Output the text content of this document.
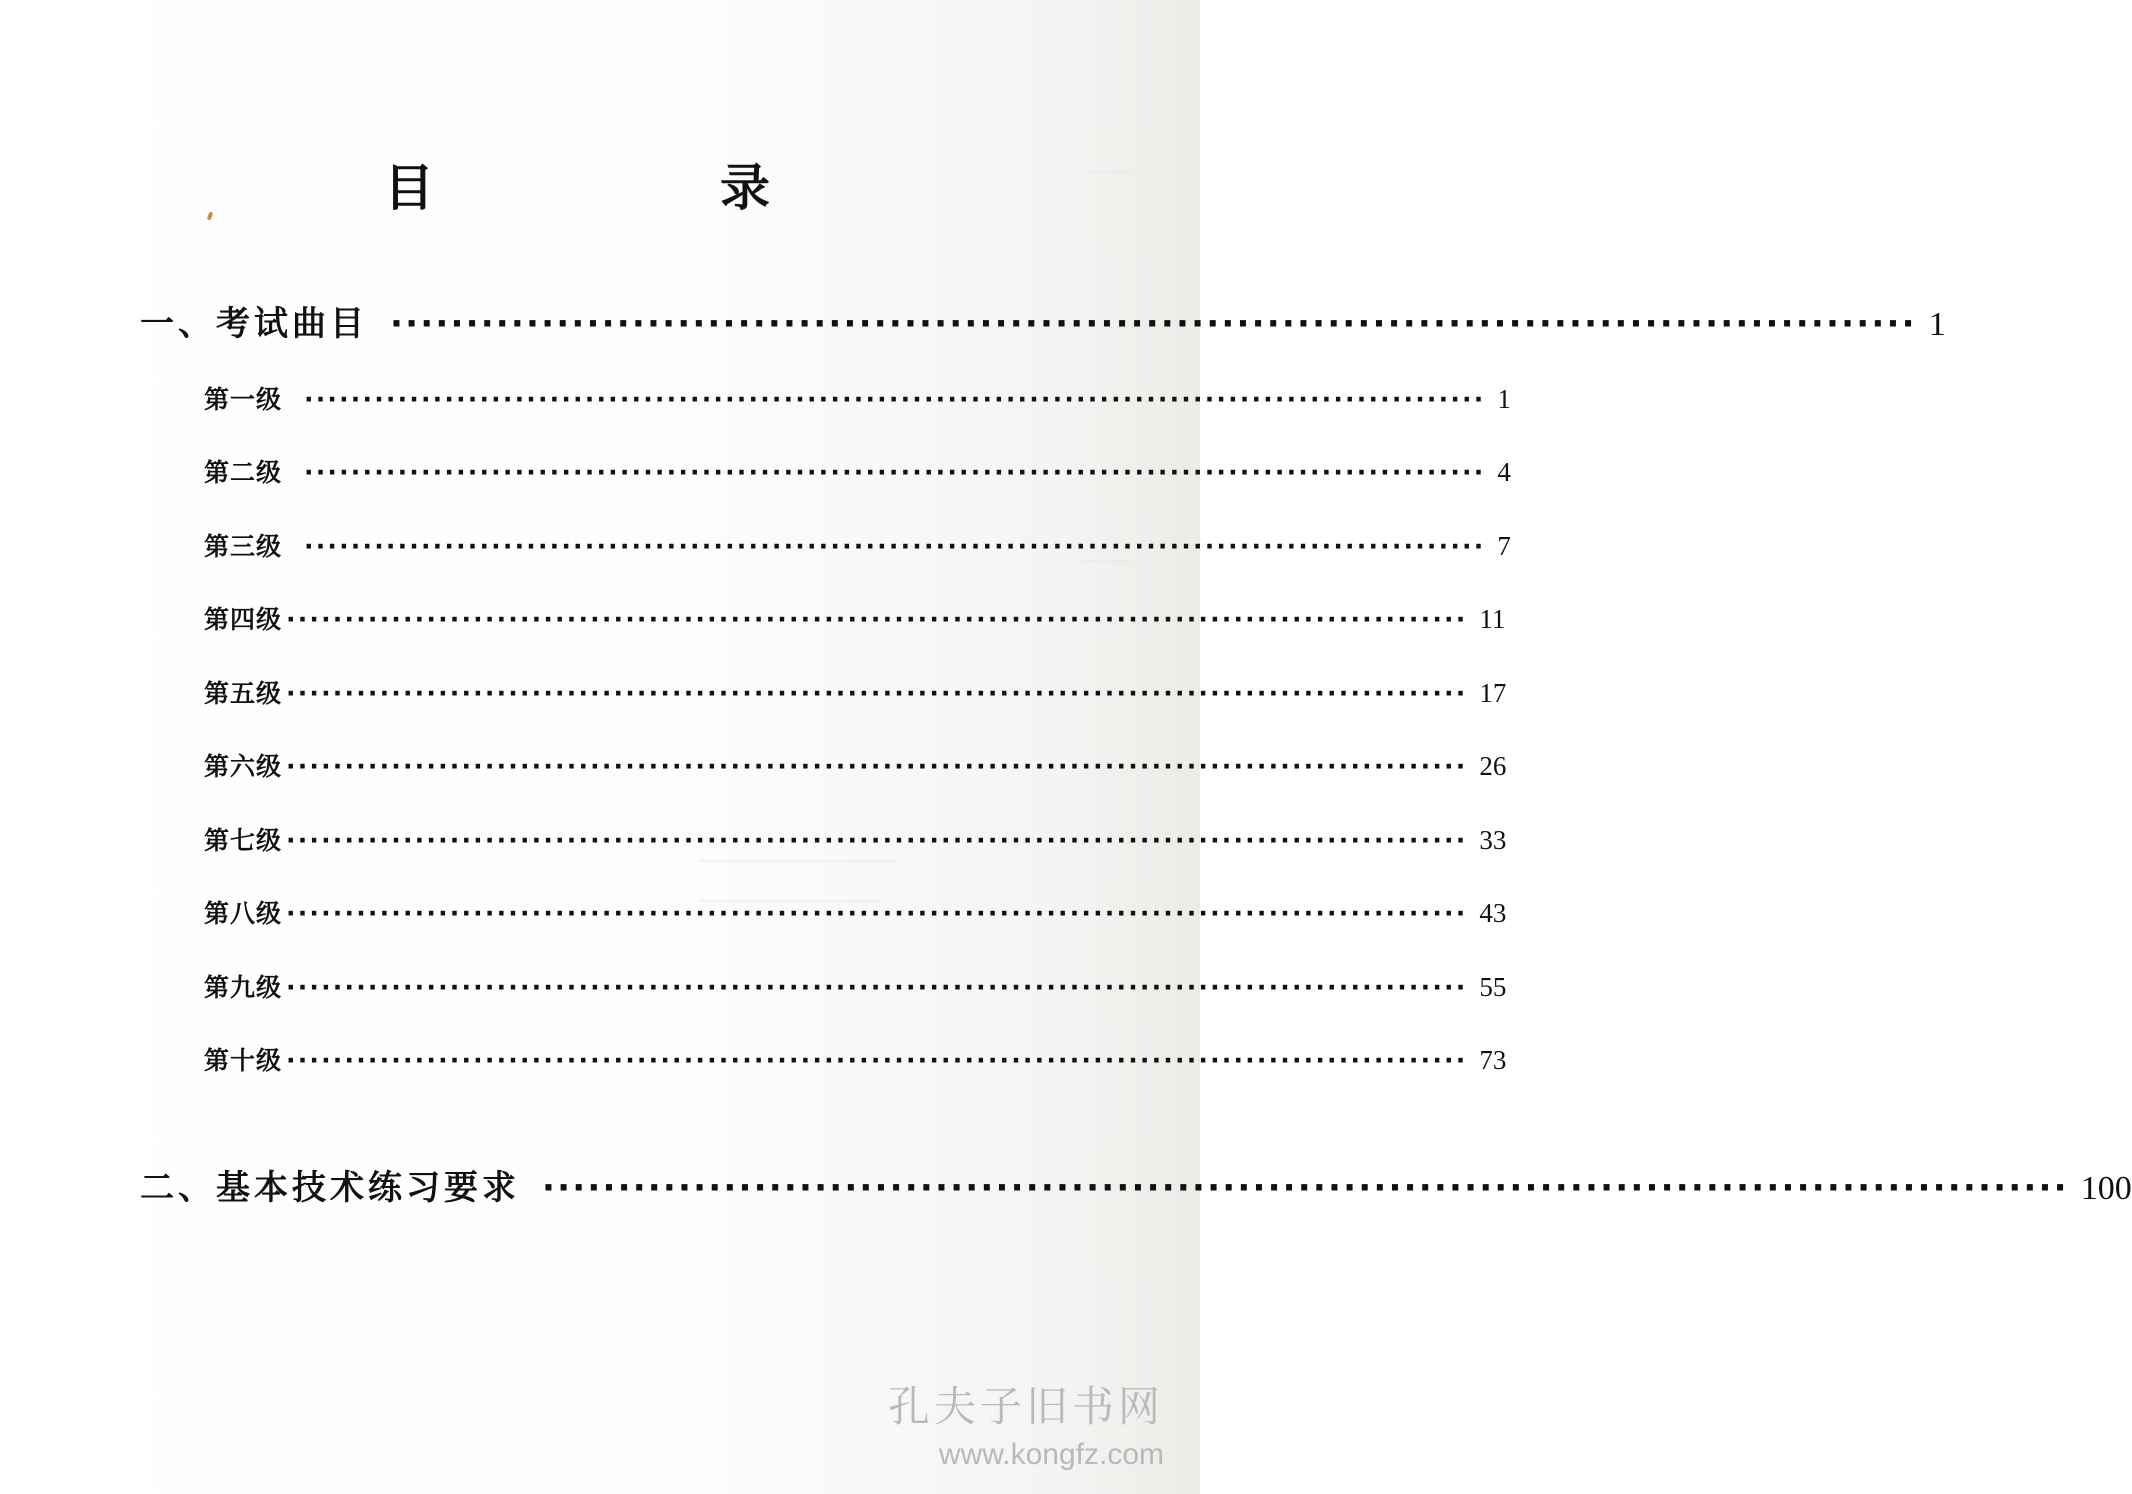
目　录
一、考试曲目 ····································································································· 1
第一级 ····································································································· 1
第二级 ····································································································· 4
第三级 ····································································································· 7
第四级 ····································································································· 11
第五级 ····································································································· 17
第六级 ····································································································· 26
第七级 ····································································································· 33
第八级 ····································································································· 43
第九级 ····································································································· 55
第十级 ····································································································· 73
二、基本技术练习要求 ····································································································· 100
孔夫子旧书网
www.kongfz.com
